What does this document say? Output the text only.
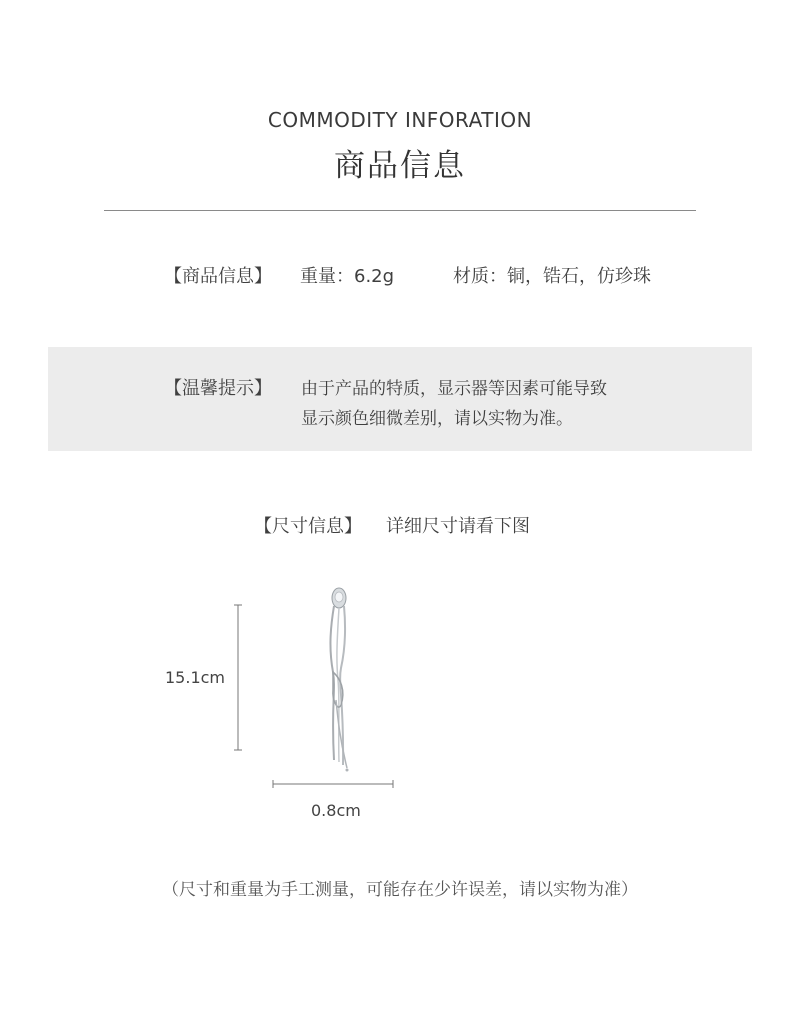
COMMODITY INFORATION
商品信息
【商品信息】 重量：6.2g	材质：铜，锆石，仿珍珠
【温馨提示】 由于产品的特质，显示器等因素可能导致
显示颜色细微差别，请以实物为准。
【尺寸信息】 详细尺寸请看下图
15.1cm
0.8cm
（尺寸和重量为手工测量，可能存在少许误差，请以实物为准）
